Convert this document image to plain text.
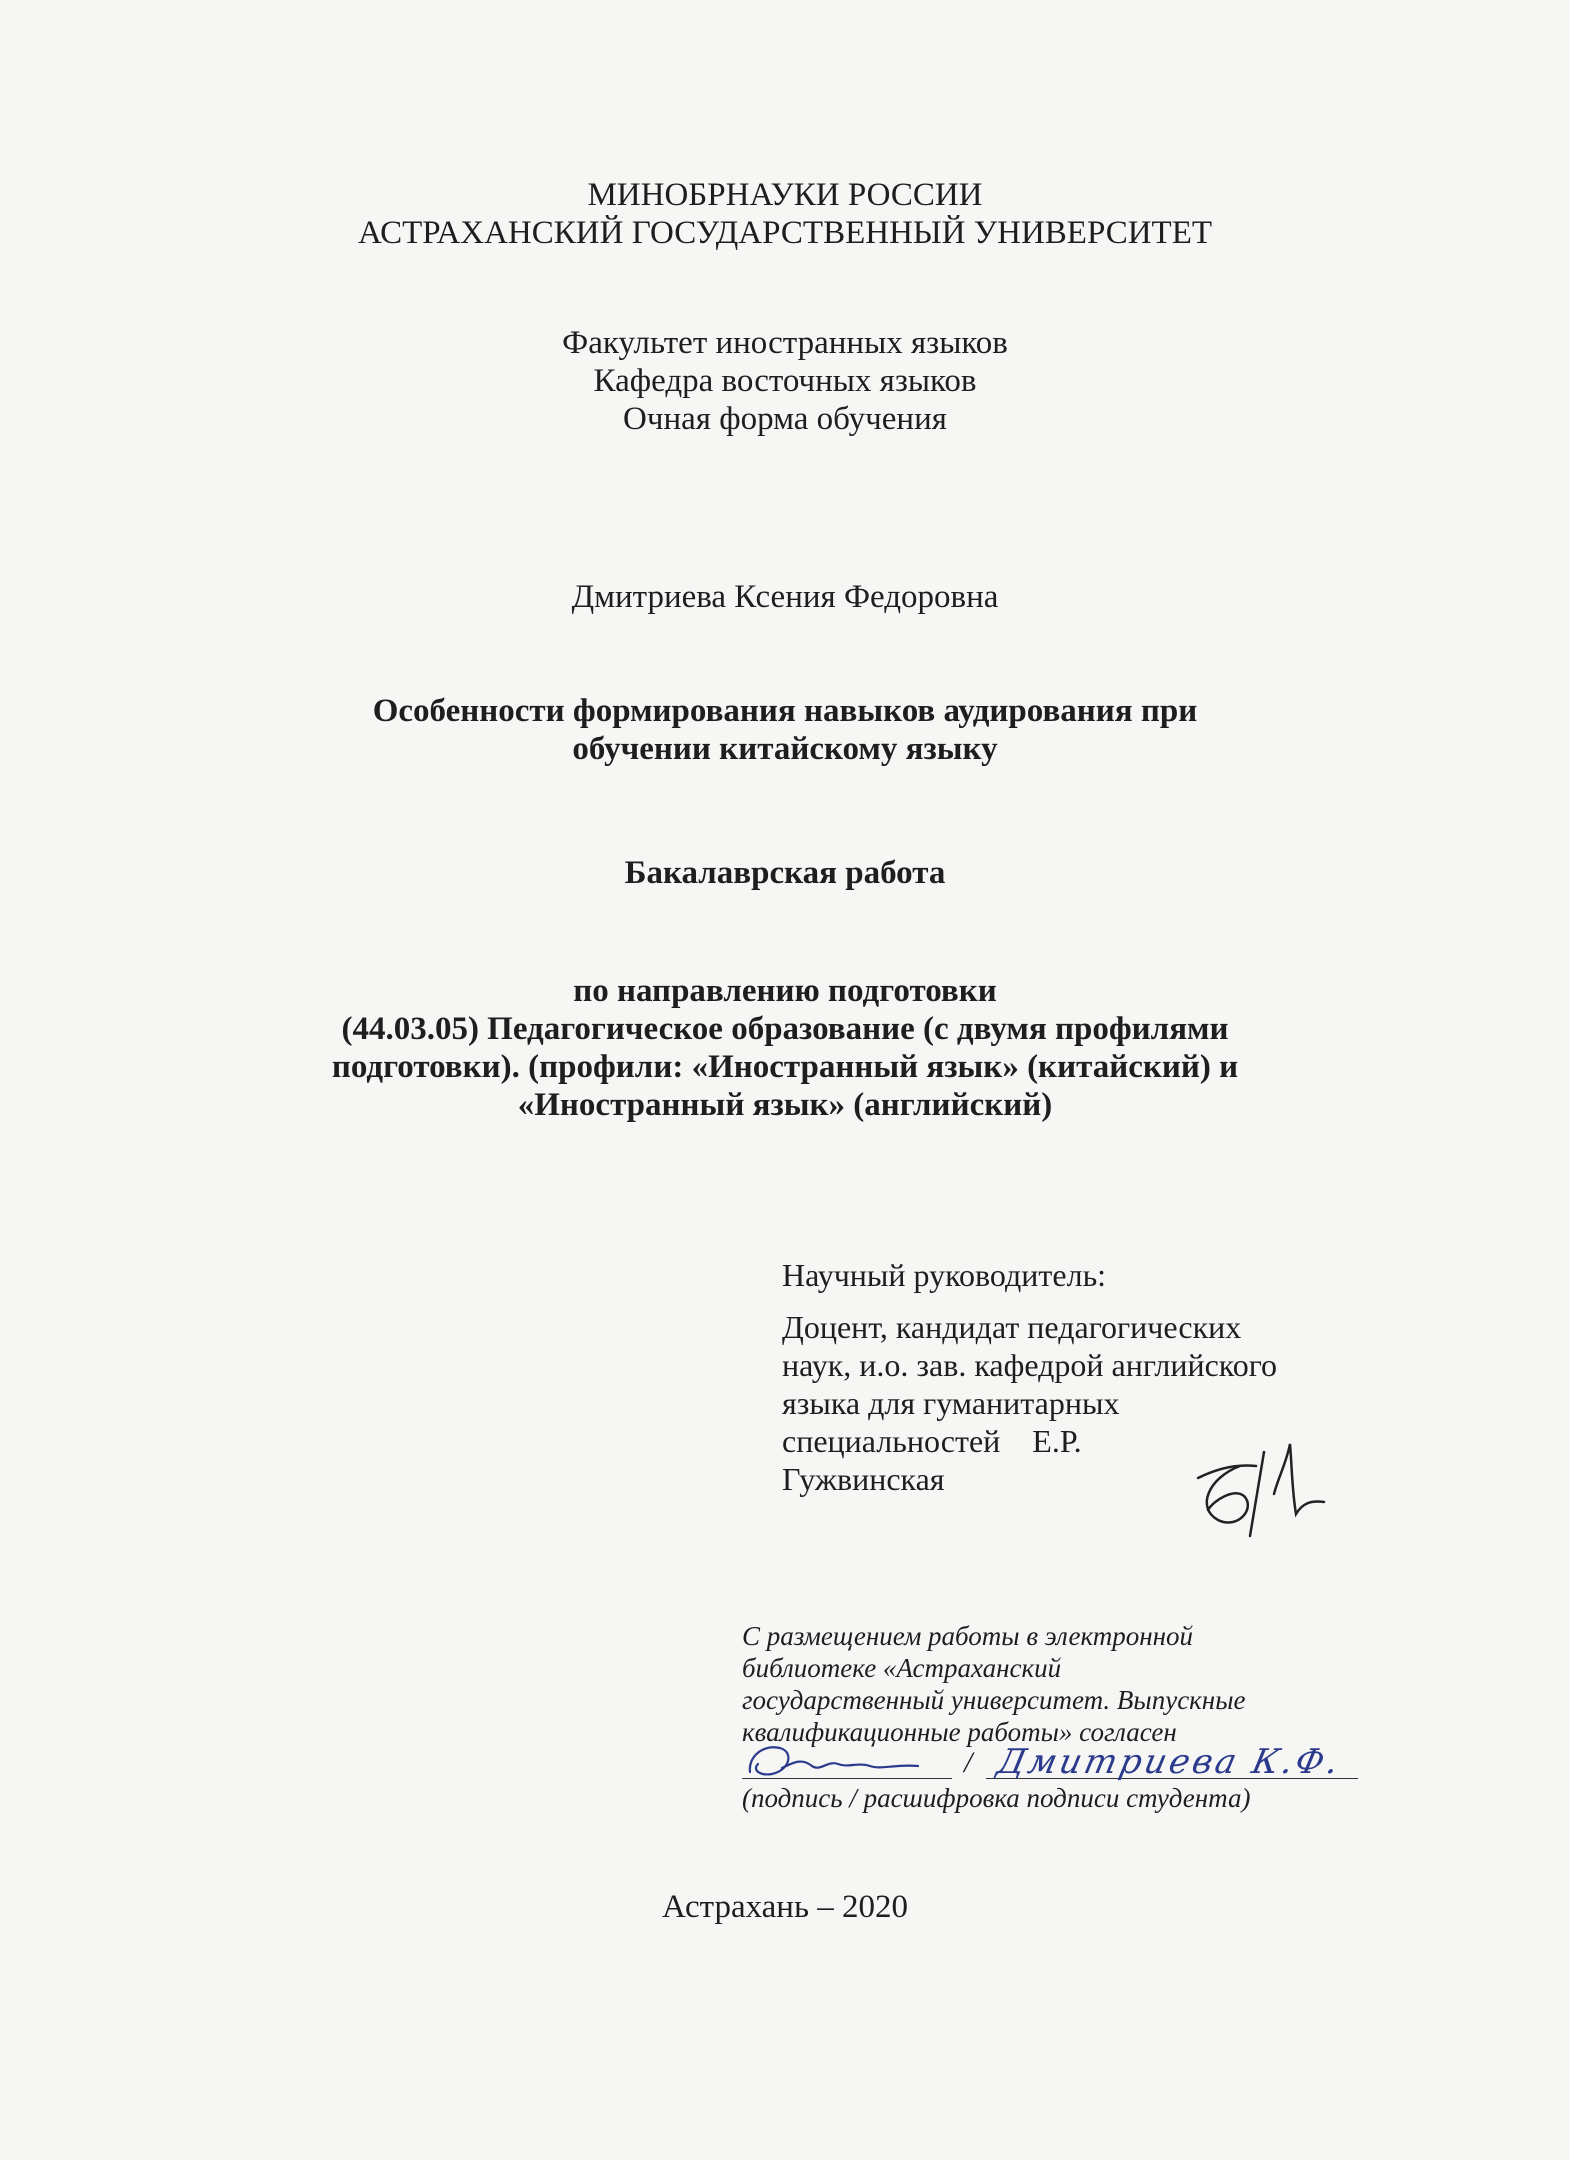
МИНОБРНАУКИ РОССИИ
АСТРАХАНСКИЙ ГОСУДАРСТВЕННЫЙ УНИВЕРСИТЕТ
Факультет иностранных языков
Кафедра восточных языков
Очная форма обучения
Дмитриева Ксения Федоровна
Особенности формирования навыков аудирования при
обучении китайскому языку
Бакалаврская работа
по направлению подготовки
(44.03.05) Педагогическое образование (с двумя профилями
подготовки). (профили: «Иностранный язык» (китайский) и
«Иностранный язык» (английский)
Научный руководитель:
Доцент, кандидат педагогических
наук, и.о. зав. кафедрой английского
языка для гуманитарных
специальностей    Е.Р.
Гужвинская
С размещением работы в электронной
библиотеке «Астраханский
государственный университет. Выпускные
квалификационные работы» согласен
/ Дмитриева К.Ф.
(подпись / расшифровка подписи студента)
Астрахань – 2020
